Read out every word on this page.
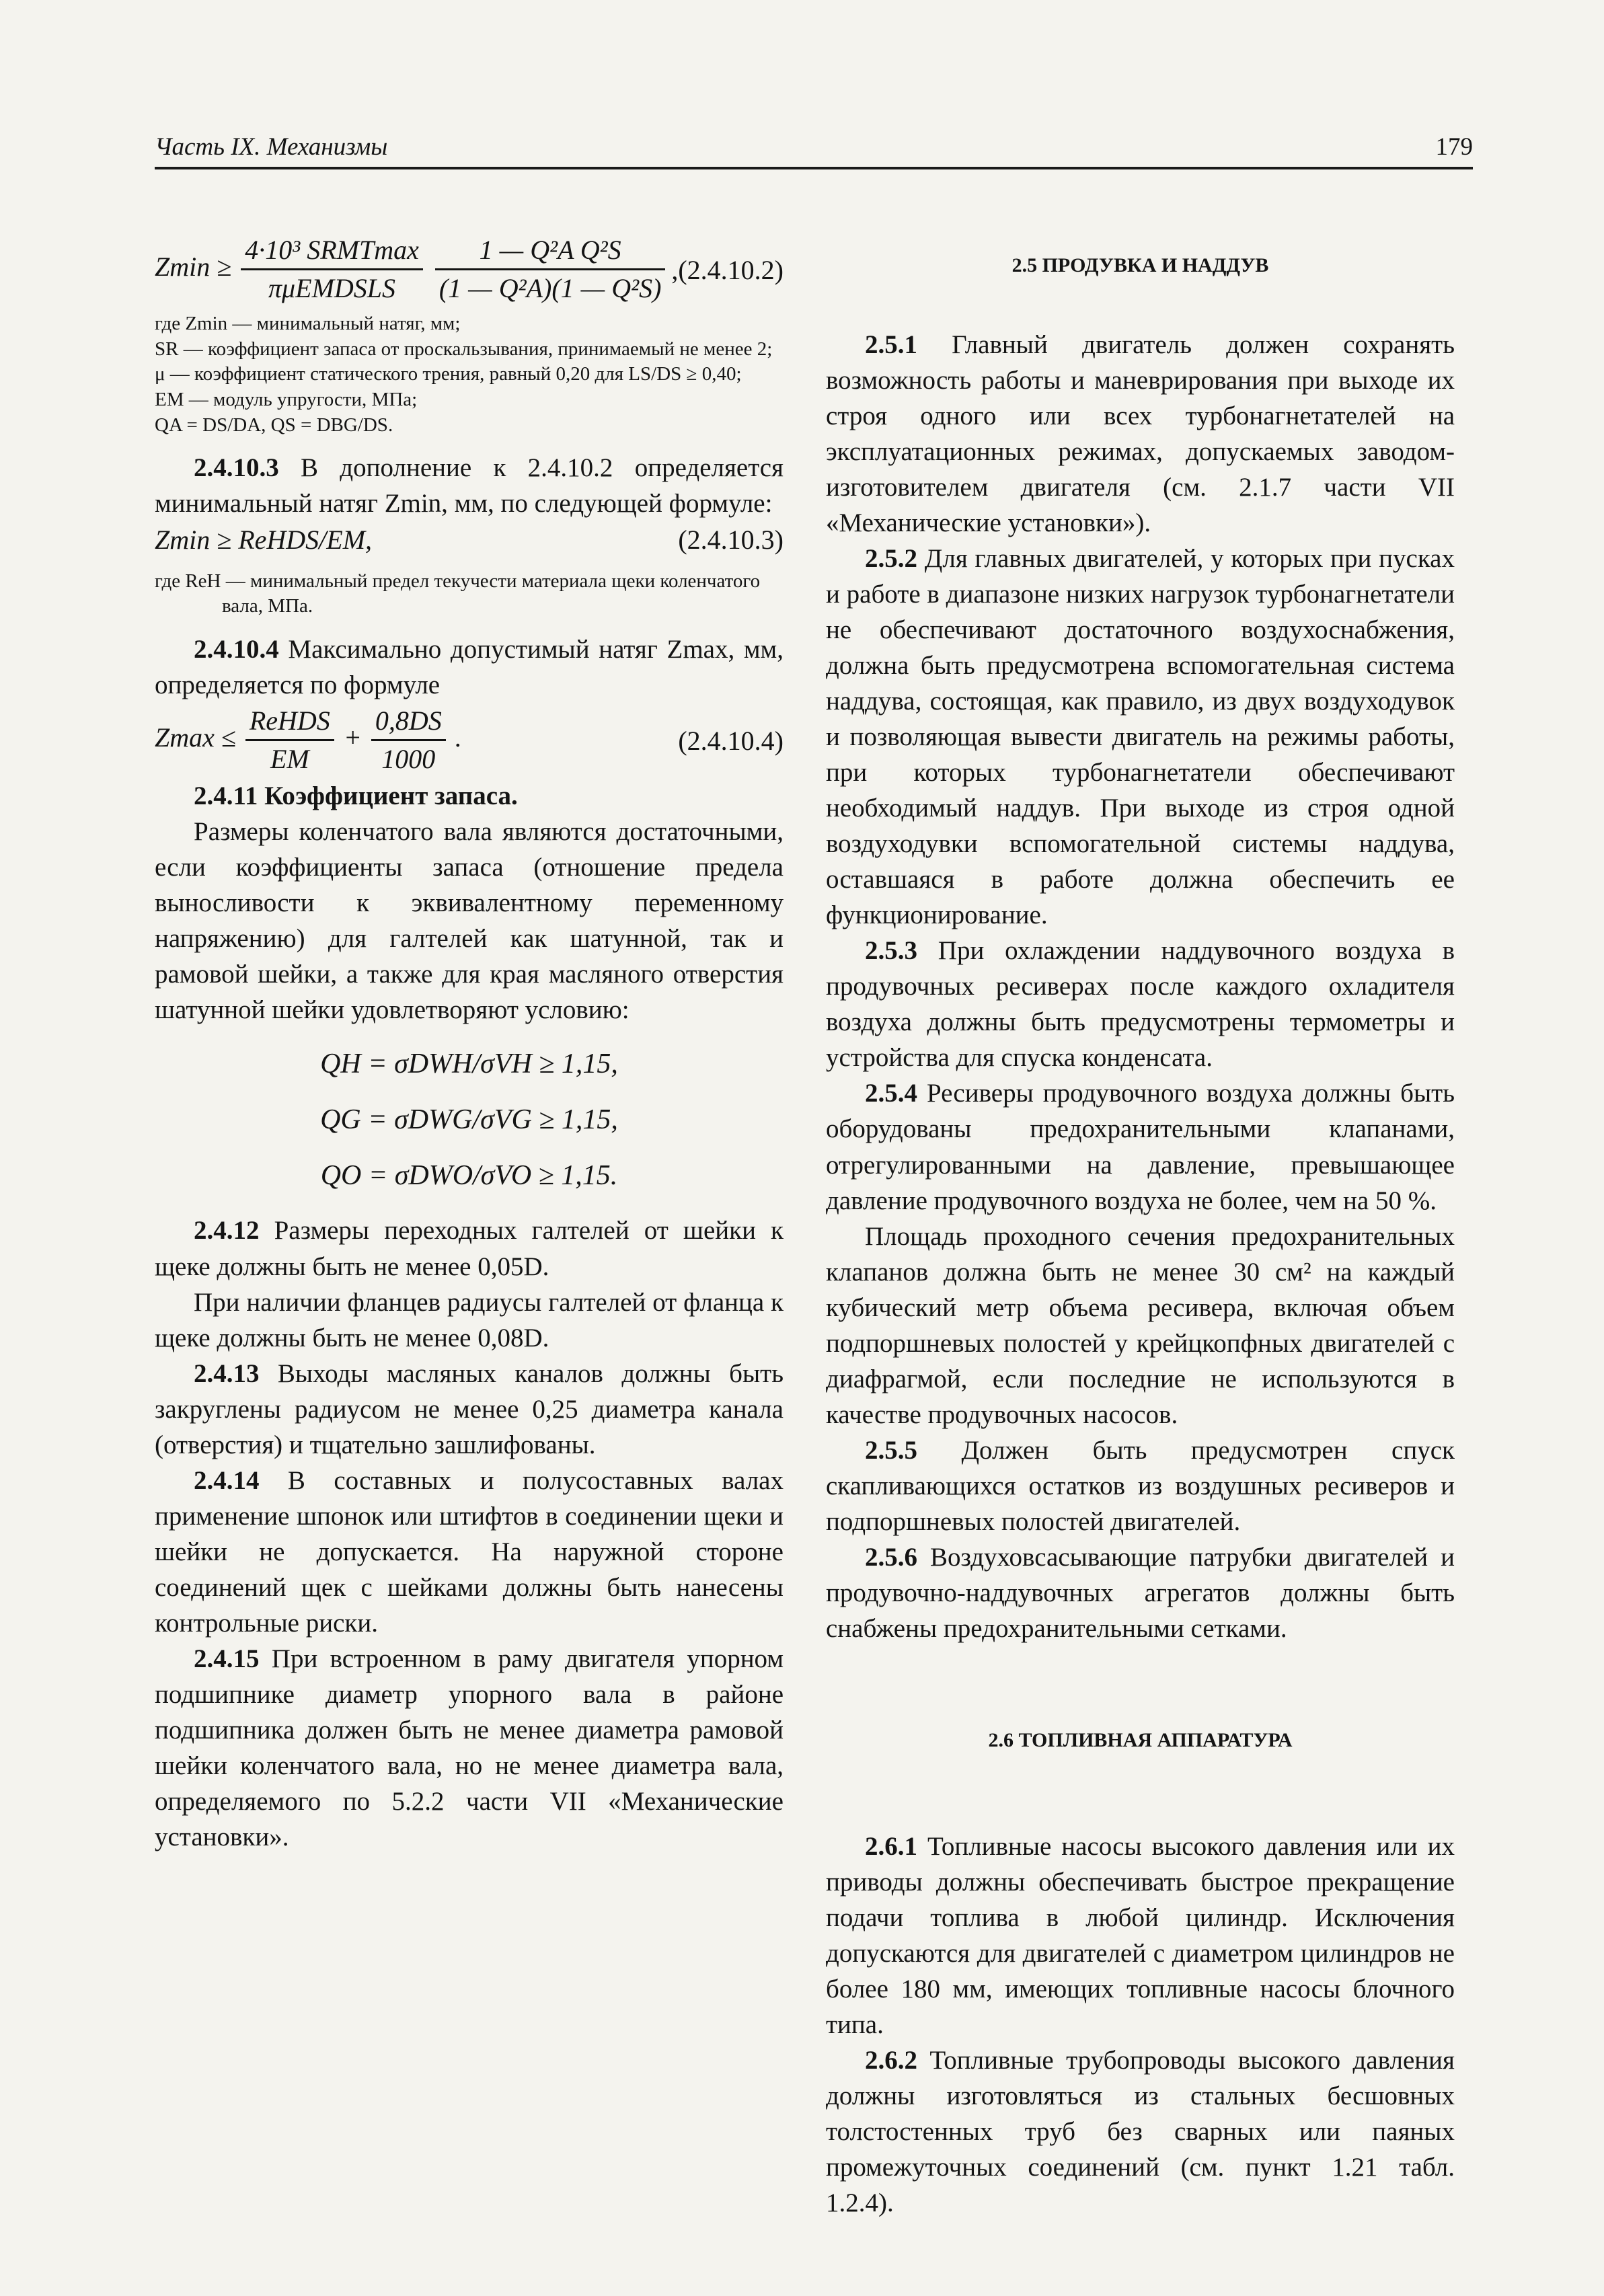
Часть IX. Механизмы	179
$Zmin \ge \frac{\text{4·10³ SRMTmax}}{\text{πμEMDSLS}}$
$\frac{\text{1 — Q²A Q²S}}{\text{(1 — Q²A)(1 — Q²S)}} ,(2.4.10.2)$
где Zmin — минимальный натяг, мм;
SR — коэффициент запаса от проскальзывания, принимаемый не менее 2;
μ — коэффициент статического трения, равный 0,20 для LS/DS ≥ 0,40;
EM — модуль упругости, МПа;
QA = DS/DA, QS = DBG/DS.

2.4.10.3 В дополнение к 2.4.10.2 определяется минимальный натяг Zmin, мм, по следующей формуле:

Zmin ≥ ReHDS/EM,	(2.4.10.3)
где ReH — минимальный предел текучести материала щеки коленчатого вала, МПа.

2.4.10.4 Максимально допустимый натяг Zmax, мм, определяется по формуле

$Zmax \le \frac{\text{ReHDS}}{EM} + \frac{0,8DS}{1000}$ .	(2.4.10.4)

2.4.11 Коэффициент запаса.

Размеры коленчатого вала являются достаточными, если коэффициенты запаса (отношение предела выносливости к эквивалентному переменному напряжению) для галтелей как шатунной, так и рамовой шейки, а также для края масляного отверстия шатунной шейки удовлетворяют условию:

QH = σDWH/σVH ≥ 1,15,
QG = σDWG/σVG ≥ 1,15,
QO = σDWO/σVO ≥ 1,15.

2.4.12 Размеры переходных галтелей от шейки к щеке должны быть не менее 0,05D.

При наличии фланцев радиусы галтелей от фланца к щеке должны быть не менее 0,08D.

2.4.13 Выходы масляных каналов должны быть закруглены радиусом не менее 0,25 диаметра канала (отверстия) и тщательно зашлифованы.

2.4.14 В составных и полусоставных валах применение шпонок или штифтов в соединении щеки и шейки не допускается. На наружной стороне соединений щек с шейками должны быть нанесены контрольные риски.

2.4.15 При встроенном в раму двигателя упорном подшипнике диаметр упорного вала в районе подшипника должен быть не менее диаметра рамовой шейки коленчатого вала, но не менее диаметра вала, определяемого по 5.2.2 части VII «Механические установки».

2.5 ПРОДУВКА И НАДДУВ

2.5.1 Главный двигатель должен сохранять возможность работы и маневрирования при выходе их строя одного или всех турбонагнетателей на эксплуатационных режимах, допускаемых заводом-изготовителем двигателя (см. 2.1.7 части VII «Механические установки»).

2.5.2 Для главных двигателей, у которых при пусках и работе в диапазоне низких нагрузок турбонагнетатели не обеспечивают достаточного воздухоснабжения, должна быть предусмотрена вспомогательная система наддува, состоящая, как правило, из двух воздуходувок и позволяющая вывести двигатель на режимы работы, при которых турбонагнетатели обеспечивают необходимый наддув. При выходе из строя одной воздуходувки вспомогательной системы наддува, оставшаяся в работе должна обеспечить ее функционирование.

2.5.3 При охлаждении наддувочного воздуха в продувочных ресиверах после каждого охладителя воздуха должны быть предусмотрены термометры и устройства для спуска конденсата.

2.5.4 Ресиверы продувочного воздуха должны быть оборудованы предохранительными клапанами, отрегулированными на давление, превышающее давление продувочного воздуха не более, чем на 50 %.

Площадь проходного сечения предохранительных клапанов должна быть не менее 30 см² на каждый кубический метр объема ресивера, включая объем подпоршневых полостей у крейцкопфных двигателей с диафрагмой, если последние не используются в качестве продувочных насосов.

2.5.5 Должен быть предусмотрен спуск скапливающихся остатков из воздушных ресиверов и подпоршневых полостей двигателей.

2.5.6 Воздуховсасывающие патрубки двигателей и продувочно-наддувочных агрегатов должны быть снабжены предохранительными сетками.

2.6 ТОПЛИВНАЯ АППАРАТУРА

2.6.1 Топливные насосы высокого давления или их приводы должны обеспечивать быстрое прекращение подачи топлива в любой цилиндр. Исключения допускаются для двигателей с диаметром цилиндров не более 180 мм, имеющих топливные насосы блочного типа.

2.6.2 Топливные трубопроводы высокого давления должны изготовляться из стальных бесшовных толстостенных труб без сварных или паяных промежуточных соединений (см. пункт 1.21 табл. 1.2.4).
